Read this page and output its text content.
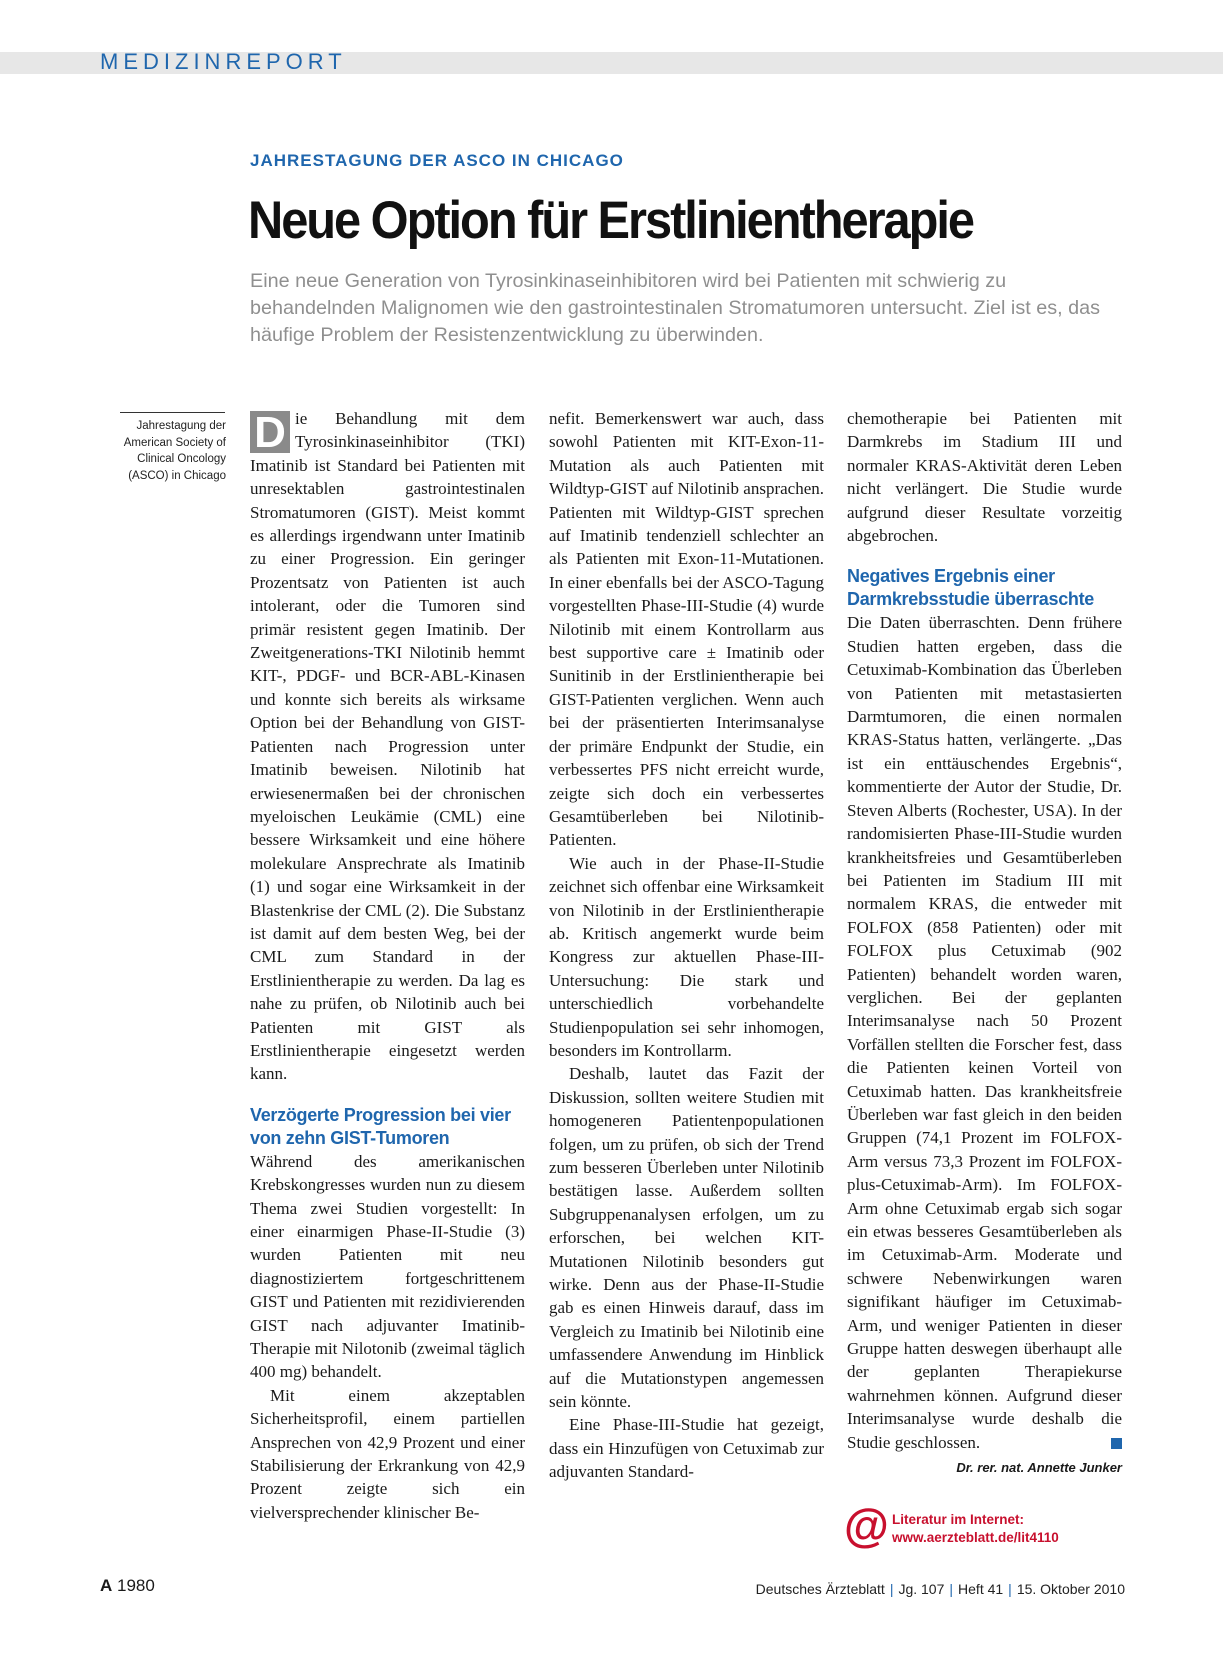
MEDIZINREPORT
JAHRESTAGUNG DER ASCO IN CHICAGO
Neue Option für Erstlinientherapie

Eine neue Generation von Tyrosinkinaseinhibitoren wird bei Patienten mit schwierig zu behandelnden Malignomen wie den gastrointestinalen Stromatumoren untersucht. Ziel ist es, das häufige Problem der Resistenzentwicklung zu überwinden.

Jahrestagung der American Society of Clinical Oncology (ASCO) in Chicago

D ie Behandlung mit dem Tyrosinkinaseinhibitor (TKI) Imatinib ist Standard bei Patienten mit unresektablen gastrointestinalen Stromatumoren (GIST). Meist kommt es allerdings irgendwann unter Imatinib zu einer Progression. Ein geringer Prozentsatz von Patienten ist auch intolerant, oder die Tumoren sind primär resistent gegen Imatinib. Der Zweitgenerations-TKI Nilotinib hemmt KIT-, PDGF- und BCR-ABL-Kinasen und konnte sich bereits als wirksame Option bei der Behandlung von GIST-Patienten nach Progression unter Imatinib beweisen. Nilotinib hat erwiesenermaßen bei der chronischen myeloischen Leukämie (CML) eine bessere Wirksamkeit und eine höhere molekulare Ansprechrate als Imatinib (1) und sogar eine Wirksamkeit in der Blastenkrise der CML (2). Die Substanz ist damit auf dem besten Weg, bei der CML zum Standard in der Erstlinientherapie zu werden. Da lag es nahe zu prüfen, ob Nilotinib auch bei Patienten mit GIST als Erstlinientherapie eingesetzt werden kann.

Verzögerte Progression bei vier von zehn GIST-Tumoren

Während des amerikanischen Krebskongresses wurden nun zu diesem Thema zwei Studien vorgestellt: In einer einarmigen Phase-II-Studie (3) wurden Patienten mit neu diagnostiziertem fortgeschrittenem GIST und Patienten mit rezidivierenden GIST nach adjuvanter Imatinib-Therapie mit Nilotonib (zweimal täglich 400 mg) behandelt.

Mit einem akzeptablen Sicherheitsprofil, einem partiellen Ansprechen von 42,9 Prozent und einer Stabilisierung der Erkrankung von 42,9 Prozent zeigte sich ein vielversprechender klinischer Be-

nefit. Bemerkenswert war auch, dass sowohl Patienten mit KIT-Exon-11-Mutation als auch Patienten mit Wildtyp-GIST auf Nilotinib ansprachen. Patienten mit Wildtyp-GIST sprechen auf Imatinib tendenziell schlechter an als Patienten mit Exon-11-Mutationen. In einer ebenfalls bei der ASCO-Tagung vorgestellten Phase-III-Studie (4) wurde Nilotinib mit einem Kontrollarm aus best supportive care ± Imatinib oder Sunitinib in der Erstlinientherapie bei GIST-Patienten verglichen. Wenn auch bei der präsentierten Interimsanalyse der primäre Endpunkt der Studie, ein verbessertes PFS nicht erreicht wurde, zeigte sich doch ein verbessertes Gesamtüberleben bei Nilotinib-Patienten.

Wie auch in der Phase-II-Studie zeichnet sich offenbar eine Wirksamkeit von Nilotinib in der Erstlinientherapie ab. Kritisch angemerkt wurde beim Kongress zur aktuellen Phase-III-Untersuchung: Die stark und unterschiedlich vorbehandelte Studienpopulation sei sehr inhomogen, besonders im Kontrollarm.

Deshalb, lautet das Fazit der Diskussion, sollten weitere Studien mit homogeneren Patientenpopulationen folgen, um zu prüfen, ob sich der Trend zum besseren Überleben unter Nilotinib bestätigen lasse. Außerdem sollten Subgruppenanalysen erfolgen, um zu erforschen, bei welchen KIT-Mutationen Nilotinib besonders gut wirke. Denn aus der Phase-II-Studie gab es einen Hinweis darauf, dass im Vergleich zu Imatinib bei Nilotinib eine umfassendere Anwendung im Hinblick auf die Mutationstypen angemessen sein könnte.

Eine Phase-III-Studie hat gezeigt, dass ein Hinzufügen von Cetuximab zur adjuvanten Standard-

chemotherapie bei Patienten mit Darmkrebs im Stadium III und normaler KRAS-Aktivität deren Leben nicht verlängert. Die Studie wurde aufgrund dieser Resultate vorzeitig abgebrochen.

Negatives Ergebnis einer Darmkrebsstudie überraschte

Die Daten überraschten. Denn frühere Studien hatten ergeben, dass die Cetuximab-Kombination das Überleben von Patienten mit metastasierten Darmtumoren, die einen normalen KRAS-Status hatten, verlängerte. „Das ist ein enttäuschendes Ergebnis“, kommentierte der Autor der Studie, Dr. Steven Alberts (Rochester, USA). In der randomisierten Phase-III-Studie wurden krankheitsfreies und Gesamtüberleben bei Patienten im Stadium III mit normalem KRAS, die entweder mit FOLFOX (858 Patienten) oder mit FOLFOX plus Cetuximab (902 Patienten) behandelt worden waren, verglichen. Bei der geplanten Interimsanalyse nach 50 Prozent Vorfällen stellten die Forscher fest, dass die Patienten keinen Vorteil von Cetuximab hatten. Das krankheitsfreie Überleben war fast gleich in den beiden Gruppen (74,1 Prozent im FOLFOX-Arm versus 73,3 Prozent im FOLFOX-plus-Cetuximab-Arm). Im FOLFOX-Arm ohne Cetuximab ergab sich sogar ein etwas besseres Gesamtüberleben als im Cetuximab-Arm. Moderate und schwere Nebenwirkungen waren signifikant häufiger im Cetuximab-Arm, und weniger Patienten in dieser Gruppe hatten deswegen überhaupt alle der geplanten Therapiekurse wahrnehmen können. Aufgrund dieser Interimsanalyse wurde deshalb die Studie geschlossen.

Dr. rer. nat. Annette Junker
@ Literatur im Internet:
www.aerzteblatt.de/lit4110
A 1980	Deutsches Ärzteblatt | Jg. 107 | Heft 41 | 15. Oktober 2010
